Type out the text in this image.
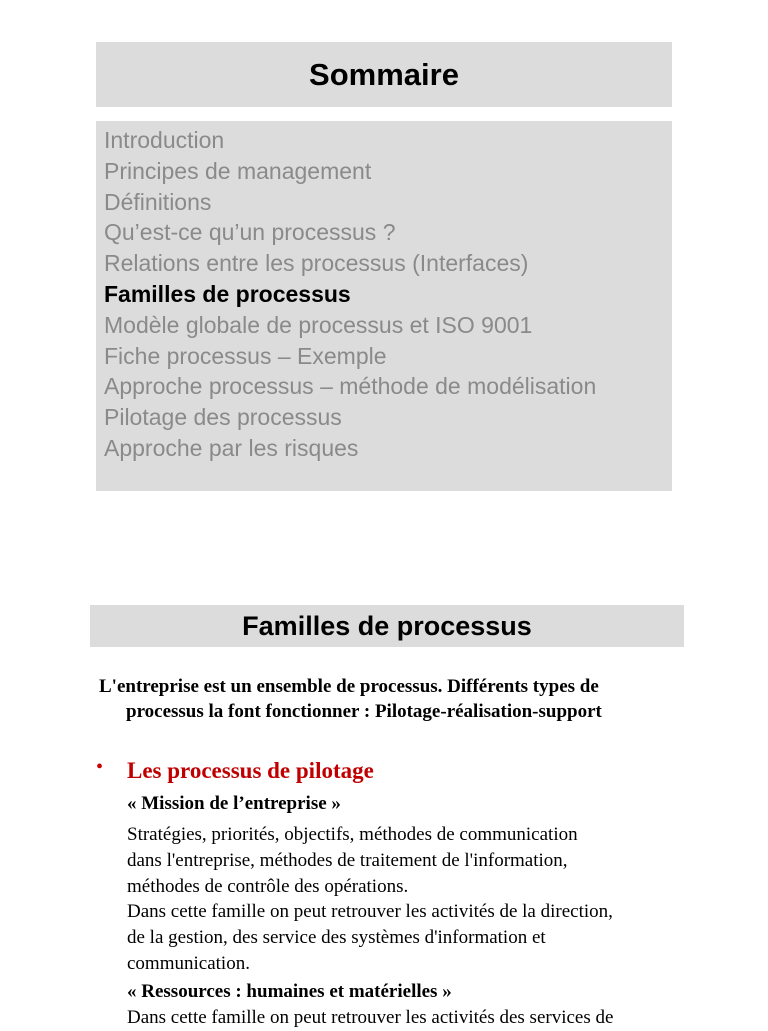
Sommaire
Introduction
Principes de management
Définitions
Qu’est-ce qu’un processus ?
Relations entre les processus (Interfaces)
Familles de processus
Modèle globale de processus et ISO 9001
Fiche processus – Exemple
Approche processus – méthode de modélisation
Pilotage des processus
Approche par les risques
Familles de processus
L'entreprise est un ensemble de processus. Différents types de
processus la font fonctionner : Pilotage-réalisation-support
• Les processus de pilotage
« Mission de l’entreprise »
Stratégies, priorités, objectifs, méthodes de communication
dans l'entreprise, méthodes de traitement de l'information,
méthodes de contrôle des opérations.
Dans cette famille on peut retrouver les activités de la direction,
de la gestion, des service des systèmes d'information et
communication.
« Ressources : humaines et matérielles »
Dans cette famille on peut retrouver les activités des services de
